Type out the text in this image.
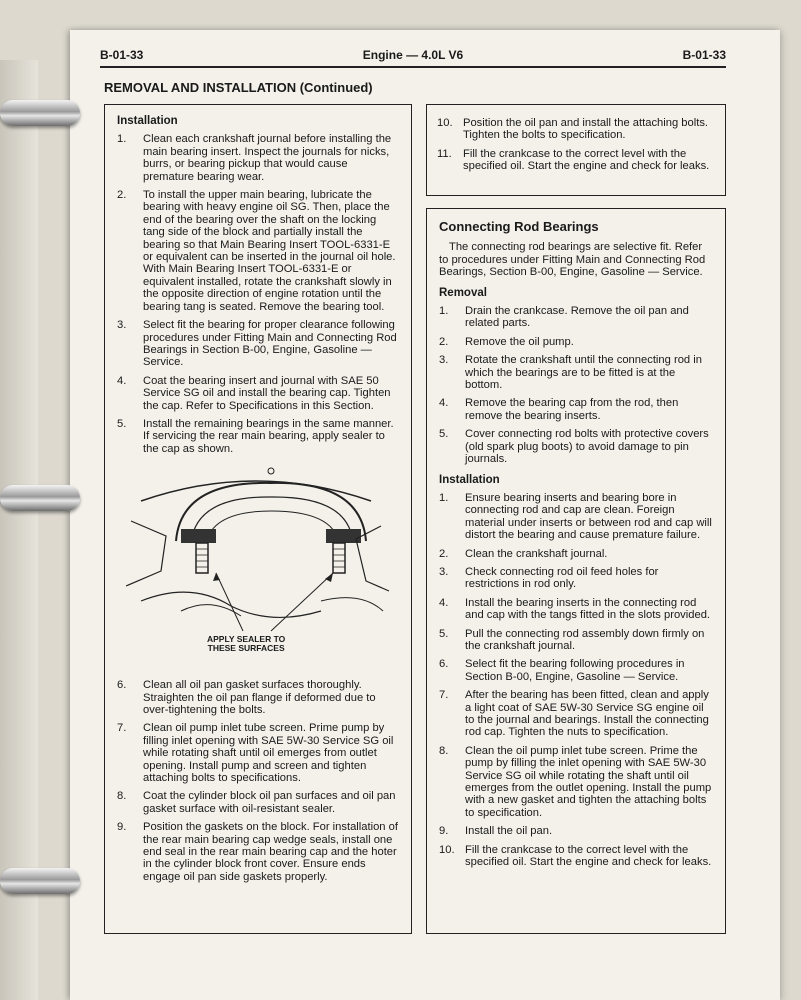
B-01-33	Engine — 4.0L V6	B-01-33
REMOVAL AND INSTALLATION (Continued)
Installation
1. Clean each crankshaft journal before installing the main bearing insert. Inspect the journals for nicks, burrs, or bearing pickup that would cause premature bearing wear.
2. To install the upper main bearing, lubricate the bearing with heavy engine oil SG. Then, place the end of the bearing over the shaft on the locking tang side of the block and partially install the bearing so that Main Bearing Insert TOOL-6331-E or equivalent can be inserted in the journal oil hole. With Main Bearing Insert TOOL-6331-E or equivalent installed, rotate the crankshaft slowly in the opposite direction of engine rotation until the bearing tang is seated. Remove the bearing tool.
3. Select fit the bearing for proper clearance following procedures under Fitting Main and Connecting Rod Bearings in Section B-00, Engine, Gasoline — Service.
4. Coat the bearing insert and journal with SAE 50 Service SG oil and install the bearing cap. Tighten the cap. Refer to Specifications in this Section.
5. Install the remaining bearings in the same manner. If servicing the rear main bearing, apply sealer to the cap as shown.
APPLY SEALER TO
THESE SURFACES
6. Clean all oil pan gasket surfaces thoroughly. Straighten the oil pan flange if deformed due to over-tightening the bolts.
7. Clean oil pump inlet tube screen. Prime pump by filling inlet opening with SAE 5W-30 Service SG oil while rotating shaft until oil emerges from outlet opening. Install pump and screen and tighten attaching bolts to specifications.
8. Coat the cylinder block oil pan surfaces and oil pan gasket surface with oil-resistant sealer.
9. Position the gaskets on the block. For installation of the rear main bearing cap wedge seals, install one end seal in the rear main bearing cap and the hoter in the cylinder block front cover. Ensure ends engage oil pan side gaskets properly.
10. Position the oil pan and install the attaching bolts. Tighten the bolts to specification.
11. Fill the crankcase to the correct level with the specified oil. Start the engine and check for leaks.
Connecting Rod Bearings
The connecting rod bearings are selective fit. Refer to procedures under Fitting Main and Connecting Rod Bearings, Section B-00, Engine, Gasoline — Service.
Removal
1. Drain the crankcase. Remove the oil pan and related parts.
2. Remove the oil pump.
3. Rotate the crankshaft until the connecting rod in which the bearings are to be fitted is at the bottom.
4. Remove the bearing cap from the rod, then remove the bearing inserts.
5. Cover connecting rod bolts with protective covers (old spark plug boots) to avoid damage to pin journals.
Installation
1. Ensure bearing inserts and bearing bore in connecting rod and cap are clean. Foreign material under inserts or between rod and cap will distort the bearing and cause premature failure.
2. Clean the crankshaft journal.
3. Check connecting rod oil feed holes for restrictions in rod only.
4. Install the bearing inserts in the connecting rod and cap with the tangs fitted in the slots provided.
5. Pull the connecting rod assembly down firmly on the crankshaft journal.
6. Select fit the bearing following procedures in Section B-00, Engine, Gasoline — Service.
7. After the bearing has been fitted, clean and apply a light coat of SAE 5W-30 Service SG engine oil to the journal and bearings. Install the connecting rod cap. Tighten the nuts to specification.
8. Clean the oil pump inlet tube screen. Prime the pump by filling the inlet opening with SAE 5W-30 Service SG oil while rotating the shaft until oil emerges from the outlet opening. Install the pump with a new gasket and tighten the attaching bolts to specification.
9. Install the oil pan.
10. Fill the crankcase to the correct level with the specified oil. Start the engine and check for leaks.
